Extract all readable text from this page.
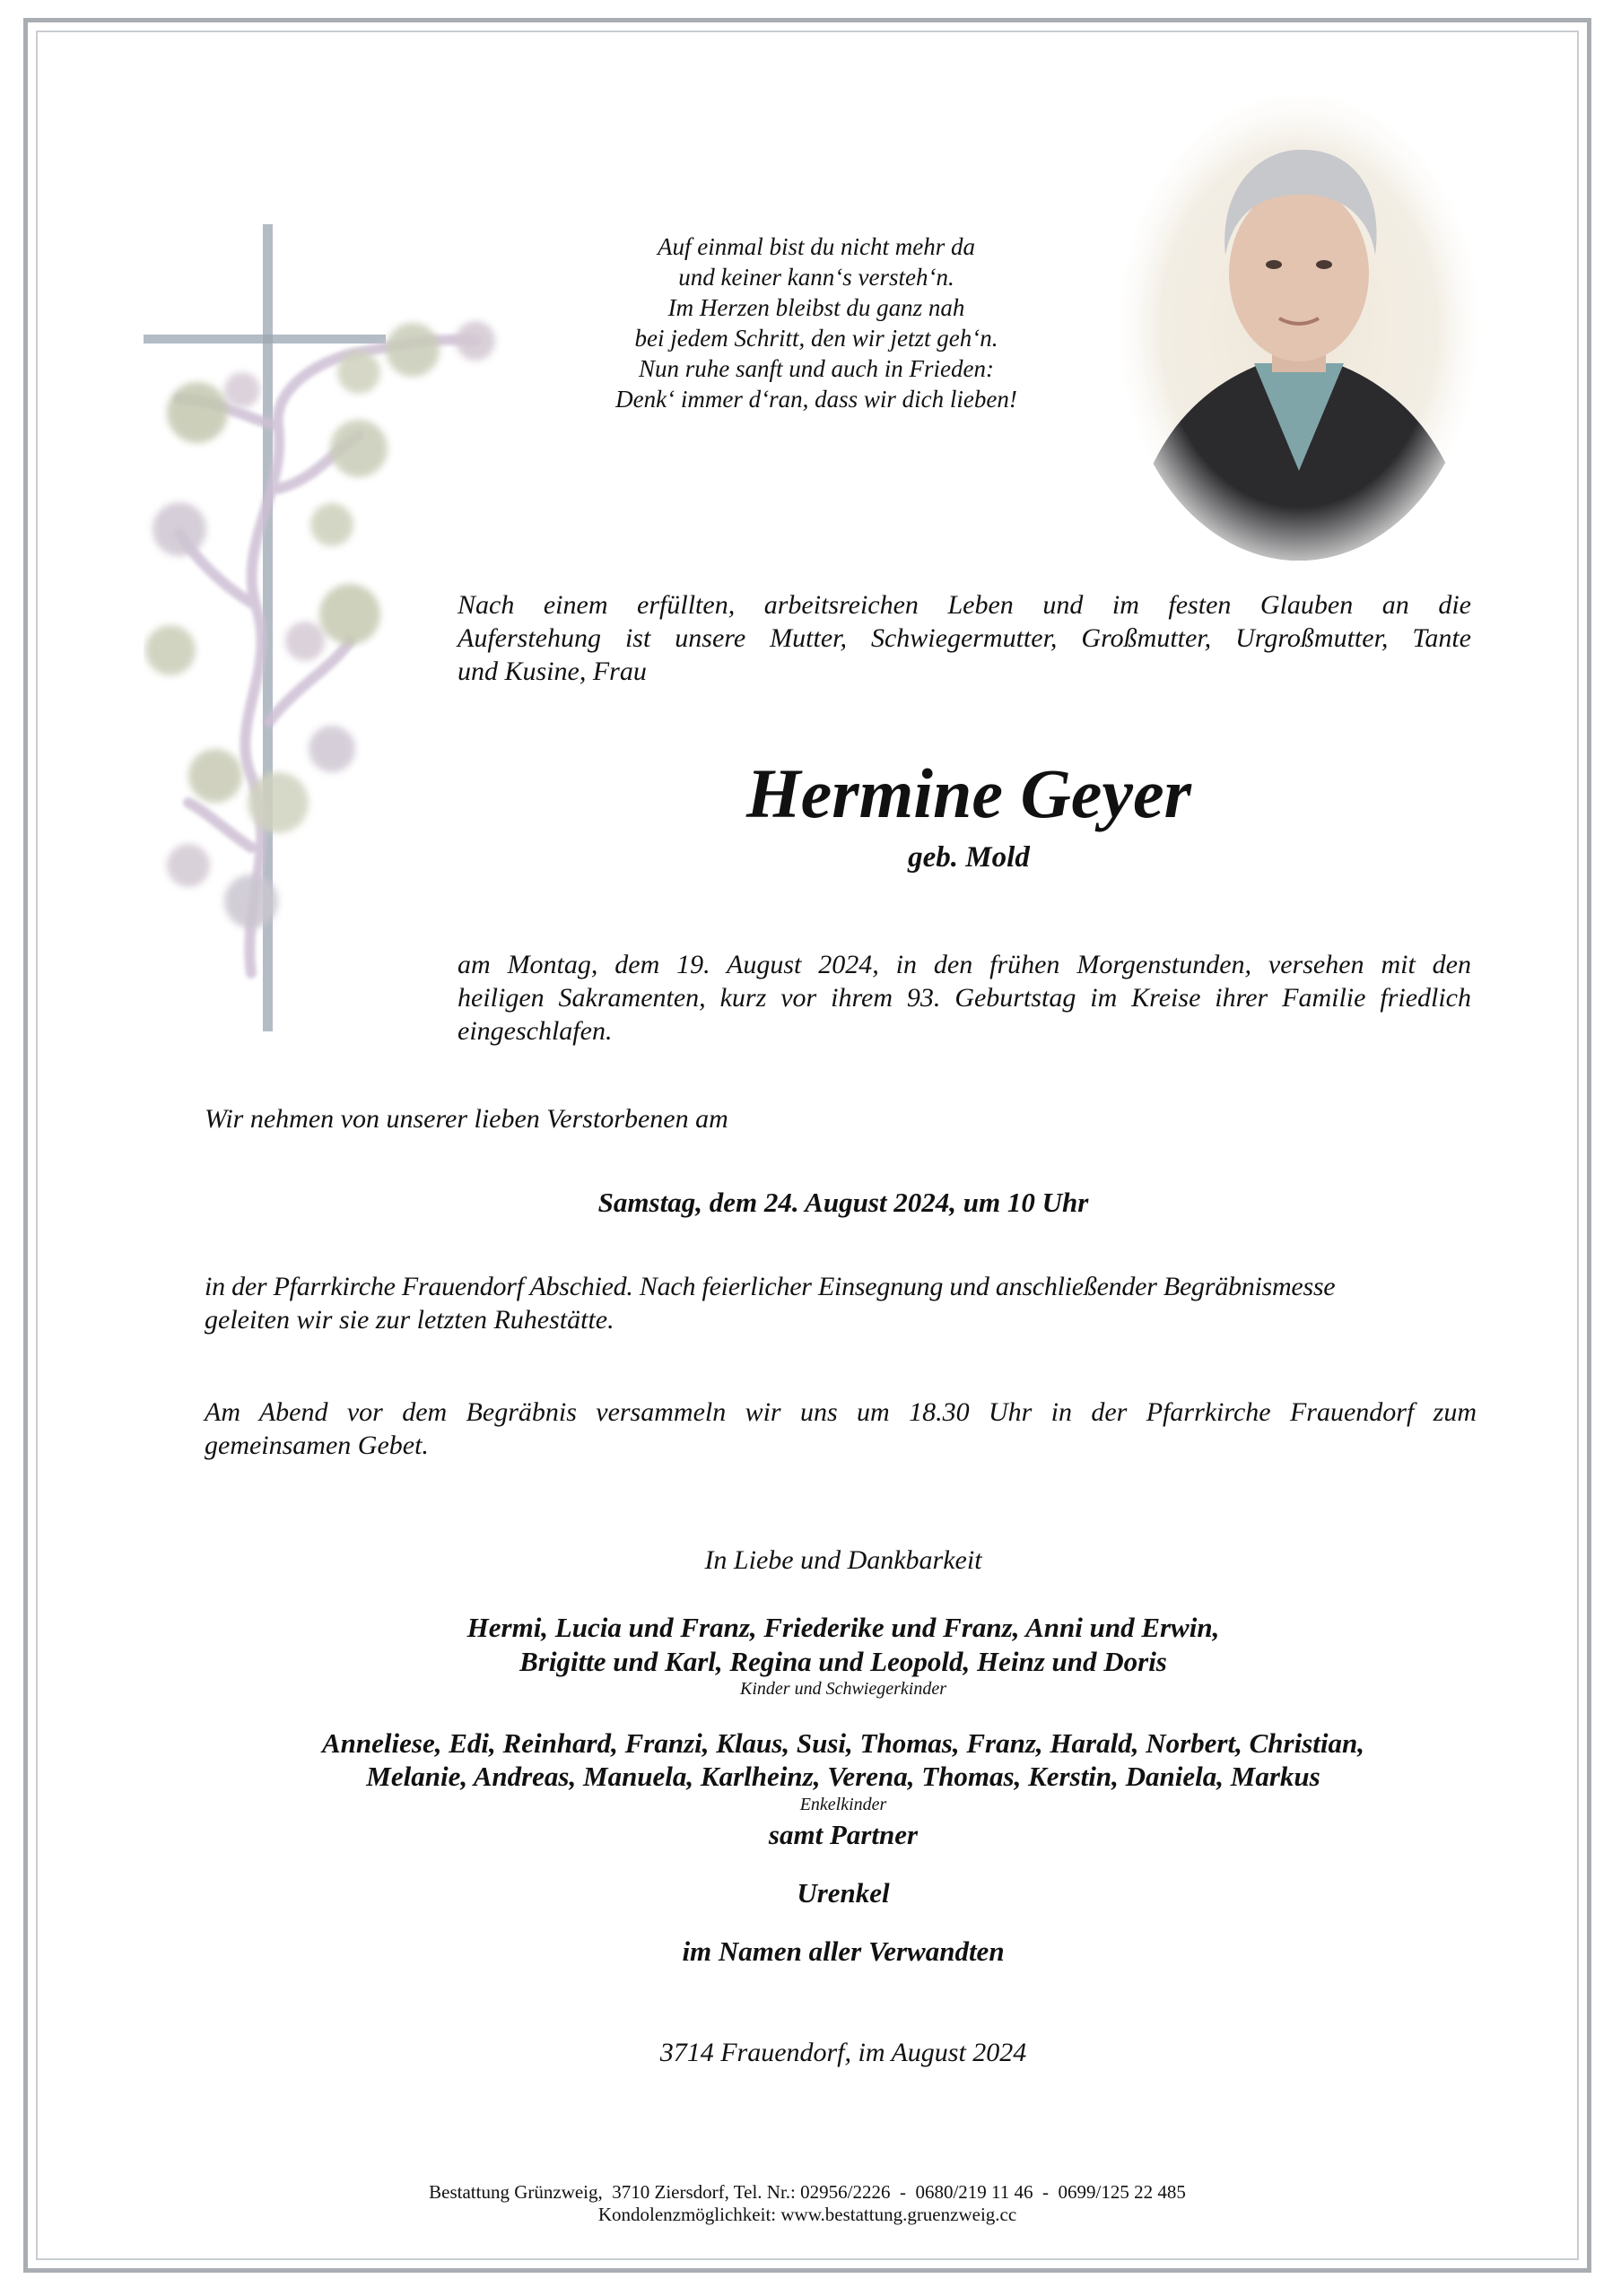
Auf einmal bist du nicht mehr da
und keiner kann‘s versteh‘n.
Im Herzen bleibst du ganz nah
bei jedem Schritt, den wir jetzt geh‘n.
Nun ruhe sanft und auch in Frieden:
Denk‘ immer d‘ran, dass wir dich lieben!
Nach einem erfüllten, arbeitsreichen Leben und im festen Glauben an die
Auferstehung ist unsere Mutter, Schwiegermutter, Großmutter, Urgroßmutter, Tante
und Kusine, Frau
Hermine Geyer
geb. Mold
am Montag, dem 19. August 2024, in den frühen Morgenstunden, versehen mit den
heiligen Sakramenten, kurz vor ihrem 93. Geburtstag im Kreise ihrer Familie friedlich
eingeschlafen.
Wir nehmen von unserer lieben Verstorbenen am
Samstag, dem 24. August 2024, um 10 Uhr
in der Pfarrkirche Frauendorf Abschied. Nach feierlicher Einsegnung und anschließender Begräbnismesse
geleiten wir sie zur letzten Ruhestätte.
Am Abend vor dem Begräbnis versammeln wir uns um 18.30 Uhr in der Pfarrkirche Frauendorf zum
gemeinsamen Gebet.
In Liebe und Dankbarkeit
Hermi, Lucia und Franz, Friederike und Franz, Anni und Erwin,
Brigitte und Karl, Regina und Leopold, Heinz und Doris
Kinder und Schwiegerkinder
Anneliese, Edi, Reinhard, Franzi, Klaus, Susi, Thomas, Franz, Harald, Norbert, Christian,
Melanie, Andreas, Manuela, Karlheinz, Verena, Thomas, Kerstin, Daniela, Markus
Enkelkinder
samt Partner
Urenkel
im Namen aller Verwandten
3714 Frauendorf, im August 2024
Bestattung Grünzweig,  3710 Ziersdorf, Tel. Nr.: 02956/2226  -  0680/219 11 46  -  0699/125 22 485
Kondolenzmöglichkeit: www.bestattung.gruenzweig.cc
